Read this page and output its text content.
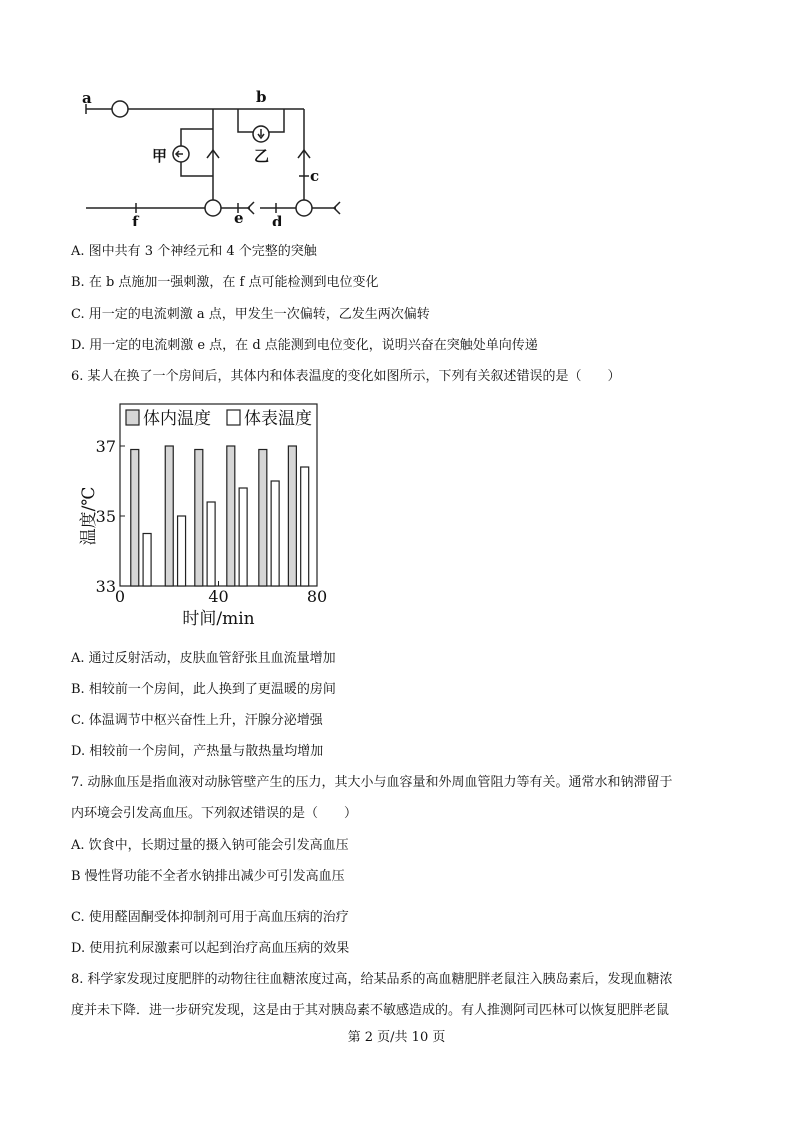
a	b
甲	乙
c
f	e d
A. 图中共有 3 个神经元和 4 个完整的突触
B. 在 b 点施加一强刺激，在 f 点可能检测到电位变化
C. 用一定的电流刺激 a 点，甲发生一次偏转，乙发生两次偏转
D. 用一定的电流刺激 e 点，在 d 点能测到电位变化，说明兴奋在突触处单向传递
6. 某人在换了一个房间后，其体内和体表温度的变化如图所示，下列有关叙述错误的是（　　）
体内温度 体表温度
33
35
37
0	40	80
时间/min
温度/℃
A. 通过反射活动，皮肤血管舒张且血流量增加
B. 相较前一个房间，此人换到了更温暖的房间
C. 体温调节中枢兴奋性上升，汗腺分泌增强
D. 相较前一个房间，产热量与散热量均增加
7. 动脉血压是指血液对动脉管壁产生的压力，其大小与血容量和外周血管阻力等有关。通常水和钠滞留于
内环境会引发高血压。下列叙述错误的是（　　）
A. 饮食中，长期过量的摄入钠可能会引发高血压
B 慢性肾功能不全者水钠排出减少可引发高血压
C. 使用醛固酮受体抑制剂可用于高血压病的治疗
D. 使用抗利尿激素可以起到治疗高血压病的效果
8. 科学家发现过度肥胖的动物往往血糖浓度过高，给某品系的高血糖肥胖老鼠注入胰岛素后，发现血糖浓
度并未下降．进一步研究发现，这是由于其对胰岛素不敏感造成的。有人推测阿司匹林可以恢复肥胖老鼠
第 2 页/共 10 页
